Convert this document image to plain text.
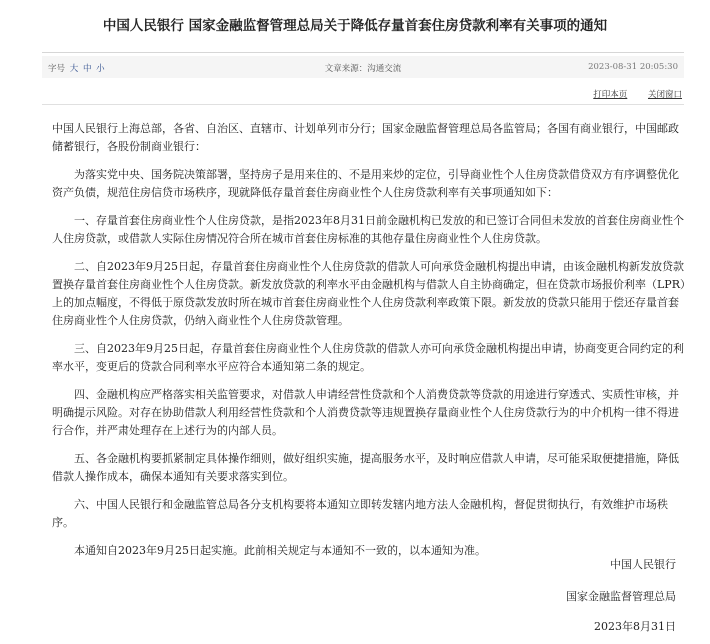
中国人民银行 国家金融监督管理总局关于降低存量首套住房贷款利率有关事项的通知
字号 大 中 小	文章来源：沟通交流	2023-08-31 20:05:30
打印本页 关闭窗口

中国人民银行上海总部，各省、自治区、直辖市、计划单列市分行；国家金融监督管理总局各监管局；各国有商业银行，中国邮政储蓄银行，各股份制商业银行：

为落实党中央、国务院决策部署，坚持房子是用来住的、不是用来炒的定位，引导商业性个人住房贷款借贷双方有序调整优化资产负债，规范住房信贷市场秩序，现就降低存量首套住房商业性个人住房贷款利率有关事项通知如下：

一、存量首套住房商业性个人住房贷款，是指2023年8月31日前金融机构已发放的和已签订合同但未发放的首套住房商业性个人住房贷款，或借款人实际住房情况符合所在城市首套住房标准的其他存量住房商业性个人住房贷款。

二、自2023年9月25日起，存量首套住房商业性个人住房贷款的借款人可向承贷金融机构提出申请，由该金融机构新发放贷款置换存量首套住房商业性个人住房贷款。新发放贷款的利率水平由金融机构与借款人自主协商确定，但在贷款市场报价利率（LPR）上的加点幅度，不得低于原贷款发放时所在城市首套住房商业性个人住房贷款利率政策下限。新发放的贷款只能用于偿还存量首套住房商业性个人住房贷款，仍纳入商业性个人住房贷款管理。

三、自2023年9月25日起，存量首套住房商业性个人住房贷款的借款人亦可向承贷金融机构提出申请，协商变更合同约定的利率水平，变更后的贷款合同利率水平应符合本通知第二条的规定。

四、金融机构应严格落实相关监管要求，对借款人申请经营性贷款和个人消费贷款等贷款的用途进行穿透式、实质性审核，并明确提示风险。对存在协助借款人利用经营性贷款和个人消费贷款等违规置换存量商业性个人住房贷款行为的中介机构一律不得进行合作，并严肃处理存在上述行为的内部人员。

五、各金融机构要抓紧制定具体操作细则，做好组织实施，提高服务水平，及时响应借款人申请，尽可能采取便捷措施，降低借款人操作成本，确保本通知有关要求落实到位。

六、中国人民银行和金融监管总局各分支机构要将本通知立即转发辖内地方法人金融机构，督促贯彻执行，有效维护市场秩序。

本通知自2023年9月25日起实施。此前相关规定与本通知不一致的，以本通知为准。

中国人民银行
国家金融监督管理总局
2023年8月31日
